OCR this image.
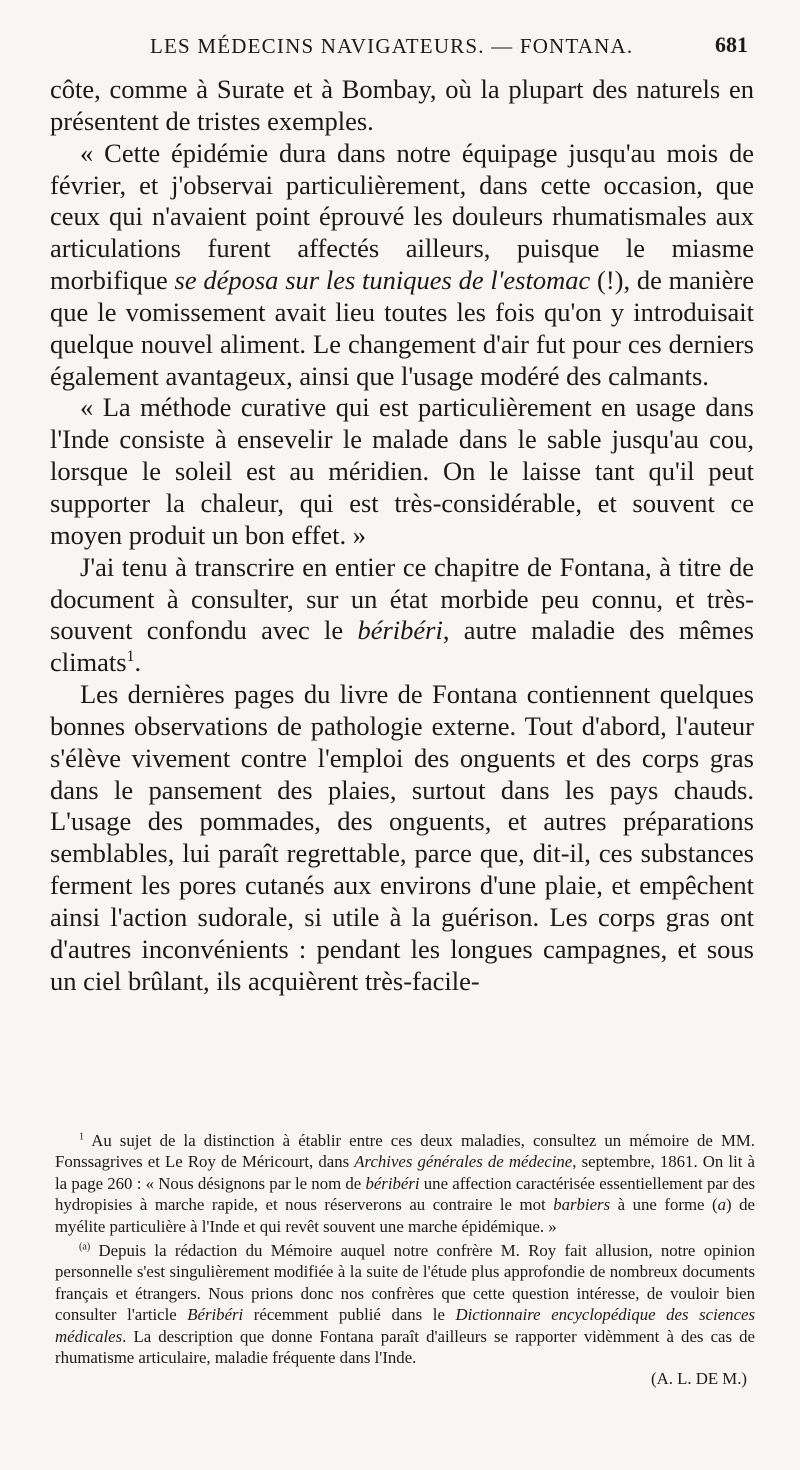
LES MÉDECINS NAVIGATEURS. — FONTANA.	681

côte, comme à Surate et à Bombay, où la plupart des naturels en présentent de tristes exemples.

« Cette épidémie dura dans notre équipage jusqu'au mois de février, et j'observai particulièrement, dans cette occasion, que ceux qui n'avaient point éprouvé les douleurs rhumatismales aux articulations furent affectés ailleurs, puisque le miasme morbifique se déposa sur les tuniques de l'estomac (!), de manière que le vomissement avait lieu toutes les fois qu'on y introduisait quelque nouvel aliment. Le changement d'air fut pour ces derniers également avantageux, ainsi que l'usage modéré des calmants.

« La méthode curative qui est particulièrement en usage dans l'Inde consiste à ensevelir le malade dans le sable jusqu'au cou, lorsque le soleil est au méridien. On le laisse tant qu'il peut supporter la chaleur, qui est très-considérable, et souvent ce moyen produit un bon effet. »

J'ai tenu à transcrire en entier ce chapitre de Fontana, à titre de document à consulter, sur un état morbide peu connu, et très-souvent confondu avec le béribéri, autre maladie des mêmes climats$^1$.

Les dernières pages du livre de Fontana contiennent quelques bonnes observations de pathologie externe. Tout d'abord, l'auteur s'élève vivement contre l'emploi des onguents et des corps gras dans le pansement des plaies, surtout dans les pays chauds. L'usage des pommades, des onguents, et autres préparations semblables, lui paraît regrettable, parce que, dit-il, ces substances ferment les pores cutanés aux environs d'une plaie, et empêchent ainsi l'action sudorale, si utile à la guérison. Les corps gras ont d'autres inconvénients : pendant les longues campagnes, et sous un ciel brûlant, ils acquièrent très-facile-

$^1$ Au sujet de la distinction à établir entre ces deux maladies, consultez un mémoire de MM. Fonssagrives et Le Roy de Méricourt, dans Archives générales de médecine, septembre, 1861. On lit à la page 260 : « Nous désignons par le nom de béribéri une affection caractérisée essentiellement par des hydropisies à marche rapide, et nous réserverons au contraire le mot barbiers à une forme (a) de myélite particulière à l'Inde et qui revêt souvent une marche épidémique. »

$^{(a)}$ Depuis la rédaction du Mémoire auquel notre confrère M. Roy fait allusion, notre opinion personnelle s'est singulièrement modifiée à la suite de l'étude plus approfondie de nombreux documents français et étrangers. Nous prions donc nos confrères que cette question intéresse, de vouloir bien consulter l'article Béribéri récemment publié dans le Dictionnaire encyclopédique des sciences médicales. La description que donne Fontana paraît d'ailleurs se rapporter vidèmment à des cas de rhumatisme articulaire, maladie fréquente dans l'Inde.
(A. L. DE M.)
